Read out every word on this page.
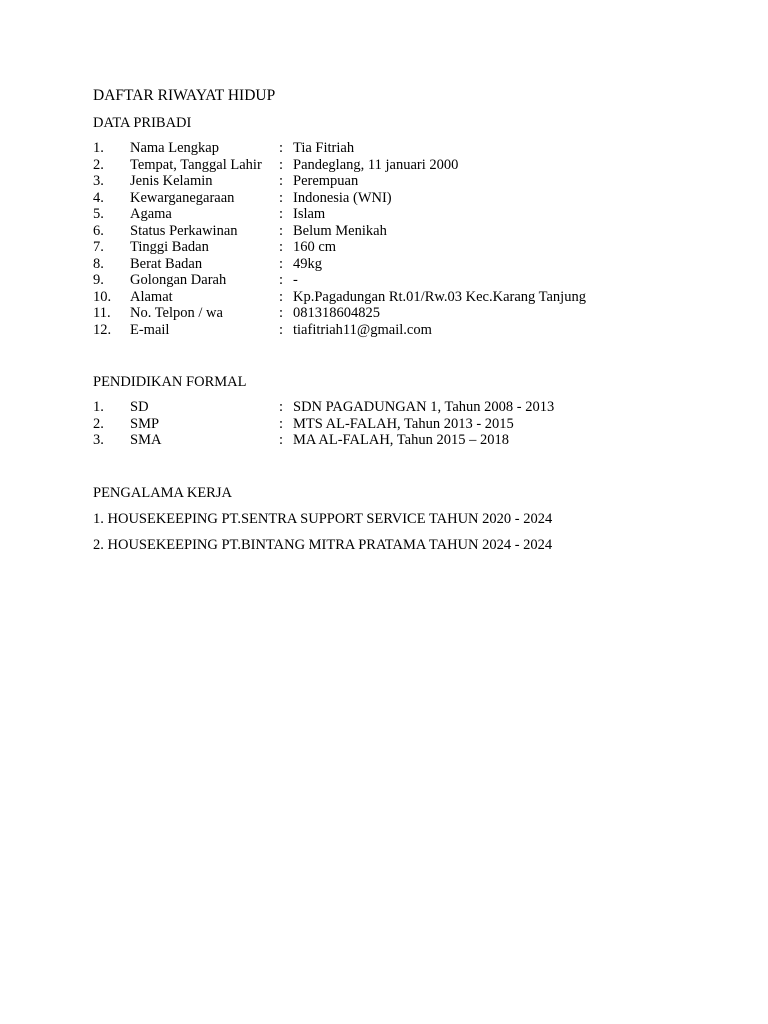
DAFTAR RIWAYAT HIDUP
DATA PRIBADI
1.	Nama Lengkap	: Tia Fitriah
2.	Tempat, Tanggal Lahir	: Pandeglang, 11 januari 2000
3.	Jenis Kelamin	: Perempuan
4.	Kewarganegaraan	: Indonesia (WNI)
5.	Agama	: Islam
6.	Status Perkawinan	: Belum Menikah
7.	Tinggi Badan	: 160 cm
8.	Berat Badan	: 49kg
9.	Golongan Darah	: -
10.	Alamat	: Kp.Pagadungan Rt.01/Rw.03 Kec.Karang Tanjung
11.	No. Telpon / wa	: 081318604825
12.	E-mail	: tiafitriah11@gmail.com
PENDIDIKAN FORMAL
1.	SD	: SDN PAGADUNGAN 1, Tahun 2008 - 2013
2.	SMP	: MTS AL-FALAH, Tahun 2013 - 2015
3.	SMA	: MA AL-FALAH, Tahun 2015 – 2018
PENGALAMA KERJA

1. HOUSEKEEPING PT.SENTRA SUPPORT SERVICE TAHUN 2020 - 2024

2. HOUSEKEEPING PT.BINTANG MITRA PRATAMA TAHUN 2024 - 2024
